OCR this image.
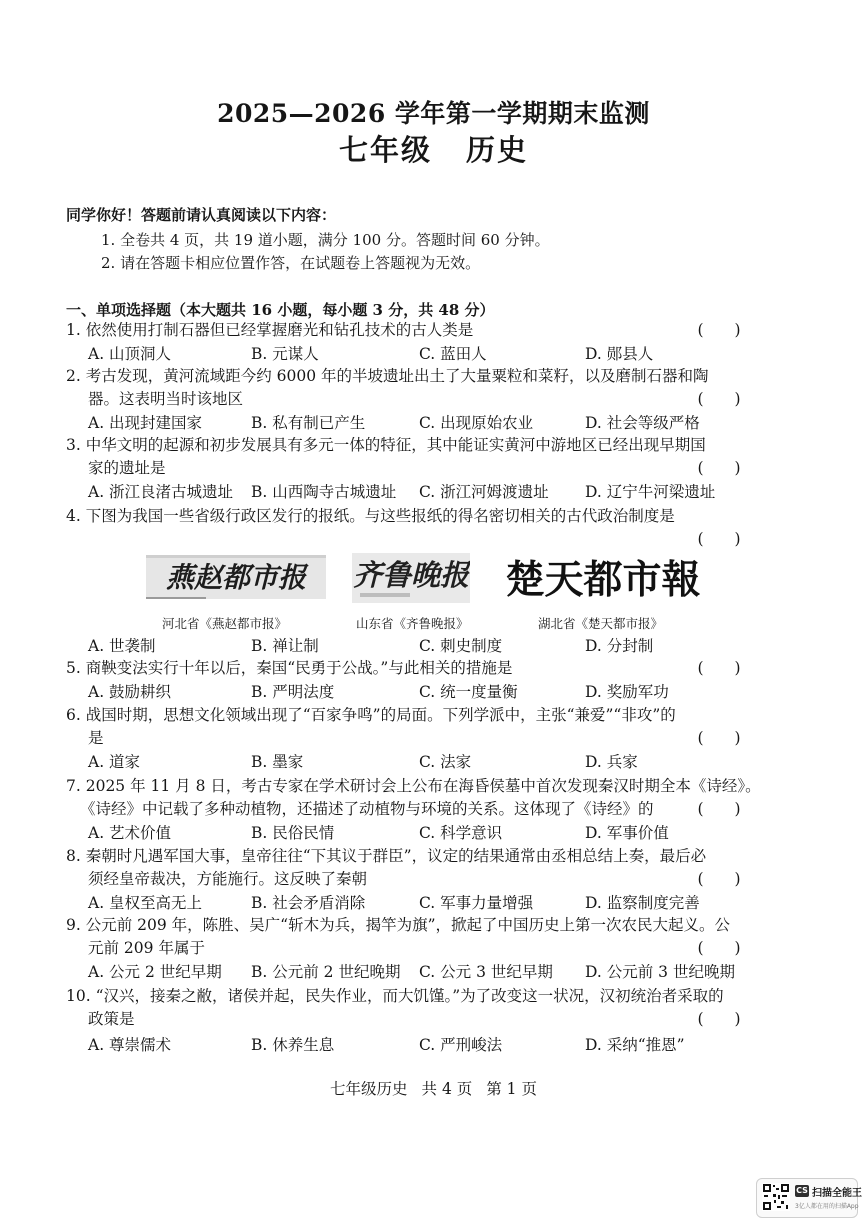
2025—2026 学年第一学期期末监测
七年级 历史
同学你好！答题前请认真阅读以下内容：
1. 全卷共 4 页，共 19 道小题，满分 100 分。答题时间 60 分钟。
2. 请在答题卡相应位置作答，在试题卷上答题视为无效。
一、单项选择题（本大题共 16 小题，每小题 3 分，共 48 分）
1. 依然使用打制石器但已经掌握磨光和钻孔技术的古人类是	(　　)
A. 山顶洞人	B. 元谋人	C. 蓝田人	D. 郧县人
2. 考古发现，黄河流域距今约 6000 年的半坡遗址出土了大量粟粒和菜籽，以及磨制石器和陶
器。这表明当时该地区	(　　)
A. 出现封建国家	B. 私有制已产生	C. 出现原始农业	D. 社会等级严格
3. 中华文明的起源和初步发展具有多元一体的特征，其中能证实黄河中游地区已经出现早期国
家的遗址是	(　　)
A. 浙江良渚古城遗址 B. 山西陶寺古城遗址 C. 浙江河姆渡遗址 D. 辽宁牛河梁遗址
4. 下图为我国一些省级行政区发行的报纸。与这些报纸的得名密切相关的古代政治制度是
(　　)
燕赵都市报 齐鲁晚报 楚天都市報
河北省《燕赵都市报》	山东省《齐鲁晚报》	湖北省《楚天都市报》
A. 世袭制	B. 禅让制	C. 刺史制度	D. 分封制
5. 商鞅变法实行十年以后，秦国“民勇于公战。”与此相关的措施是	(　　)
A. 鼓励耕织	B. 严明法度	C. 统一度量衡	D. 奖励军功
6. 战国时期，思想文化领域出现了“百家争鸣”的局面。下列学派中，主张“兼爱”“非攻”的
是	(　　)
A. 道家	B. 墨家	C. 法家	D. 兵家
7. 2025 年 11 月 8 日，考古专家在学术研讨会上公布在海昏侯墓中首次发现秦汉时期全本《诗经》。
《诗经》中记载了多种动植物，还描述了动植物与环境的关系。这体现了《诗经》的	(　　)
A. 艺术价值	B. 民俗民情	C. 科学意识	D. 军事价值
8. 秦朝时凡遇军国大事，皇帝往往“下其议于群臣”，议定的结果通常由丞相总结上奏，最后必
须经皇帝裁决，方能施行。这反映了秦朝	(　　)
A. 皇权至高无上	B. 社会矛盾消除	C. 军事力量增强	D. 监察制度完善
9. 公元前 209 年，陈胜、吴广“斩木为兵，揭竿为旗”，掀起了中国历史上第一次农民大起义。公
元前 209 年属于	(　　)
A. 公元 2 世纪早期 B. 公元前 2 世纪晚期 C. 公元 3 世纪早期 D. 公元前 3 世纪晚期
10. “汉兴，接秦之敝，诸侯并起，民失作业，而大饥馑。”为了改变这一状况，汉初统治者采取的
政策是	(　　)
A. 尊崇儒术	B. 休养生息	C. 严刑峻法	D. 采纳“推恩”
七年级历史 共 4 页 第 1 页
CS 扫描全能王
3亿人都在用的扫描App
